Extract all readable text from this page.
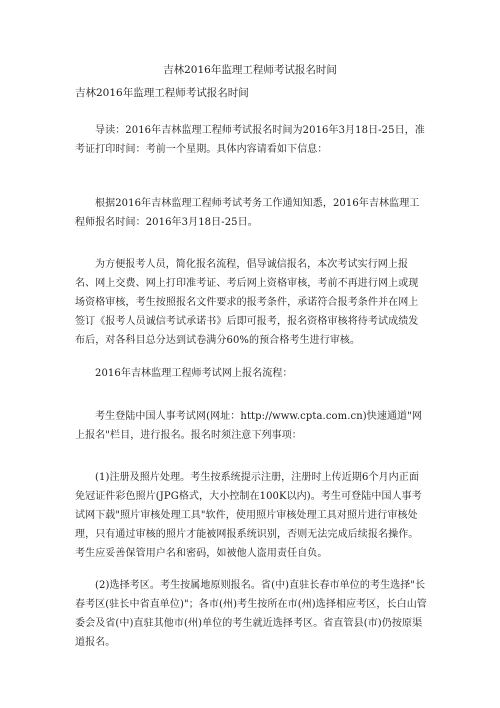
吉林2016年监理工程师考试报名时间
吉林2016年监理工程师考试报名时间

导读：2016年吉林监理工程师考试报名时间为2016年3月18日-25日，准考证打印时间：考前一个星期。具体内容请看如下信息：

根据2016年吉林监理工程师考试考务工作通知知悉，2016年吉林监理工程师报名时间：2016年3月18日-25日。

为方便报考人员，简化报名流程，倡导诚信报名，本次考试实行网上报名、网上交费、网上打印准考证、考后网上资格审核，考前不再进行网上或现场资格审核，考生按照报名文件要求的报考条件，承诺符合报考条件并在网上签订《报考人员诚信考试承诺书》后即可报考，报名资格审核将待考试成绩发布后，对各科目总分达到试卷满分60%的预合格考生进行审核。

2016年吉林监理工程师考试网上报名流程：

考生登陆中国人事考试网(网址：http://www.cpta.com.cn)快速通道"网上报名"栏目，进行报名。报名时须注意下列事项：

(1)注册及照片处理。考生按系统提示注册，注册时上传近期6个月内正面免冠证件彩色照片(JPG格式，大小控制在100K以内)。考生可登陆中国人事考试网下载"照片审核处理工具"软件，使用照片审核处理工具对照片进行审核处理，只有通过审核的照片才能被网报系统识别，否则无法完成后续报名操作。考生应妥善保管用户名和密码，如被他人盗用责任自负。

(2)选择考区。考生按属地原则报名。省(中)直驻长春市单位的考生选择"长春考区(驻长中省直单位)"；各市(州)考生按所在市(州)选择相应考区，长白山管委会及省(中)直驻其他市(州)单位的考生就近选择考区。省直管县(市)仍按原渠道报名。
